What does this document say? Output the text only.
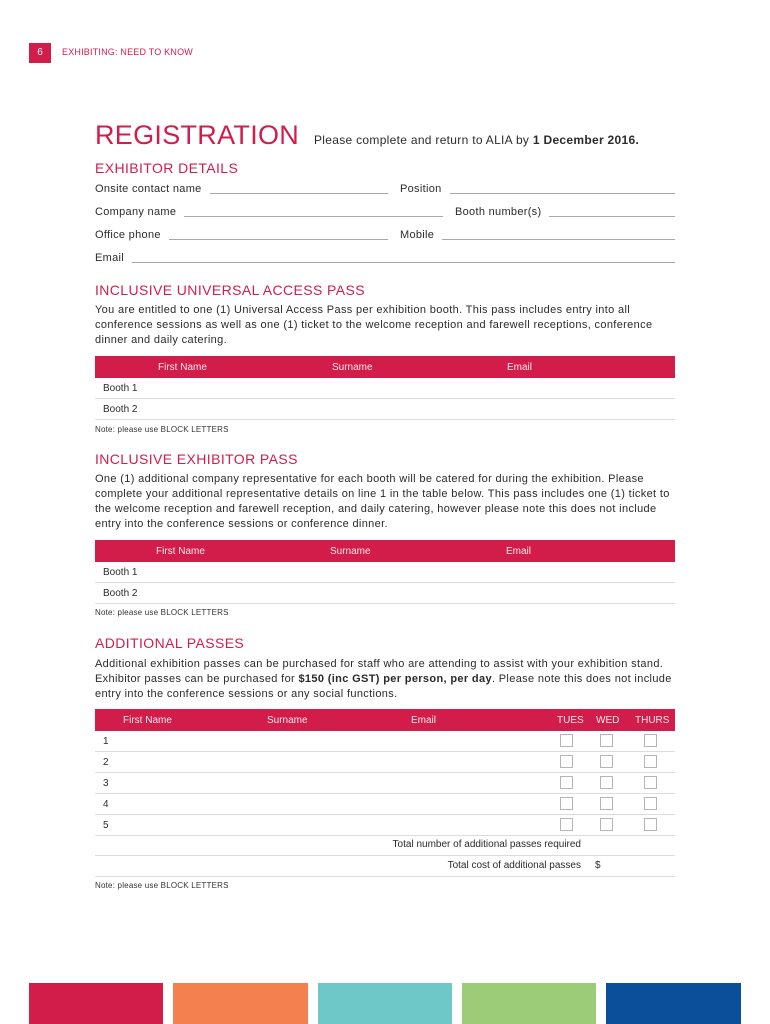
6	EXHIBITING: NEED TO KNOW
REGISTRATION Please complete and return to ALIA by 1 December 2016.
EXHIBITOR DETAILS
Onsite contact name	Position
Company name	Booth number(s)
Office phone	Mobile
Email
INCLUSIVE UNIVERSAL ACCESS PASS

You are entitled to one (1) Universal Access Pass per exhibition booth. This pass includes entry into all conference sessions as well as one (1) ticket to the welcome reception and farewell receptions, conference dinner and daily catering.

First Name	Surname	Email
Booth 1
Booth 2
Note: please use BLOCK LETTERS
INCLUSIVE EXHIBITOR PASS

One (1) additional company representative for each booth will be catered for during the exhibition. Please complete your additional representative details on line 1 in the table below. This pass includes one (1) ticket to the welcome reception and farewell reception, and daily catering, however please note this does not include entry into the conference sessions or conference dinner.

First Name	Surname	Email
Booth 1
Booth 2
Note: please use BLOCK LETTERS
ADDITIONAL PASSES

Additional exhibition passes can be purchased for staff who are attending to assist with your exhibition stand. Exhibitor passes can be purchased for $150 (inc GST) per person, per day. Please note this does not include entry into the conference sessions or any social functions.

First Name	Surname	Email	TUES WED THURS
1
2
3
4
5
Total number of additional passes required
Total cost of additional passes $
Note: please use BLOCK LETTERS
